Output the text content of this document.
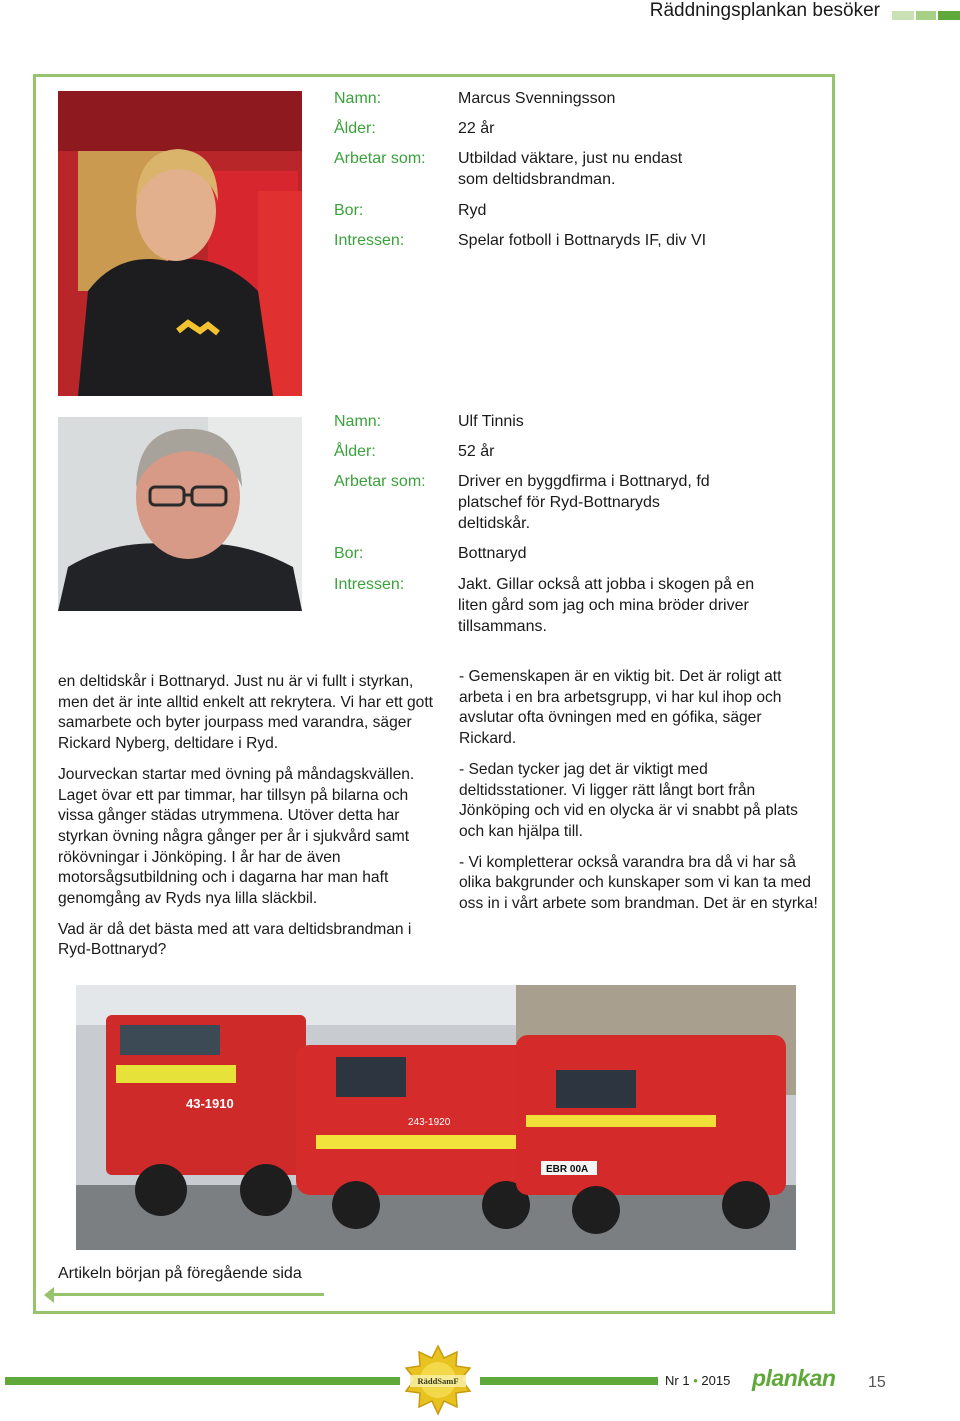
Räddningsplankan besöker
Namn:	Marcus Svenningsson
Ålder:	22 år
Arbetar som:	Utbildad väktare, just nu endast som deltidsbrandman.
Bor:	Ryd
Intressen:	Spelar fotboll i Bottnaryds IF, div VI
Namn:	Ulf Tinnis
Ålder:	52 år
Arbetar som:	Driver en byggdfirma i Bottnaryd, fd platschef för Ryd-Bottnaryds deltidskår.
Bor:	Bottnaryd
Intressen:	Jakt. Gillar också att jobba i skogen på en liten gård som jag och mina bröder driver tillsammans.

en deltidskår i Bottnaryd. Just nu är vi fullt i styrkan, men det är inte alltid enkelt att rekrytera. Vi har ett gott samarbete och byter jourpass med varandra, säger Rickard Nyberg, deltidare i Ryd.

Jourveckan startar med övning på måndagskvällen. Laget övar ett par timmar, har tillsyn på bilarna och vissa gånger städas utrymmena. Utöver detta har styrkan övning några gånger per år i sjukvård samt rökövningar i Jönköping. I år har de även motorsågsutbildning och i dagarna har man haft genomgång av Ryds nya lilla släckbil.

Vad är då det bästa med att vara deltidsbrandman i Ryd-Bottnaryd?

- Gemenskapen är en viktig bit. Det är roligt att arbeta i en bra arbetsgrupp, vi har kul ihop och avslutar ofta övningen med en gófika, säger Rickard.

- Sedan tycker jag det är viktigt med deltidsstationer. Vi ligger rätt långt bort från Jönköping och vid en olycka är vi snabbt på plats och kan hjälpa till.

- Vi kompletterar också varandra bra då vi har så olika bakgrunder och kunskaper som vi kan ta med oss in i vårt arbete som brandman. Det är en styrka!

43-1910
243-1920
EBR 00A
Artikeln början på föregående sida
RäddSamF	Nr 1 • 2015 plankan 15
